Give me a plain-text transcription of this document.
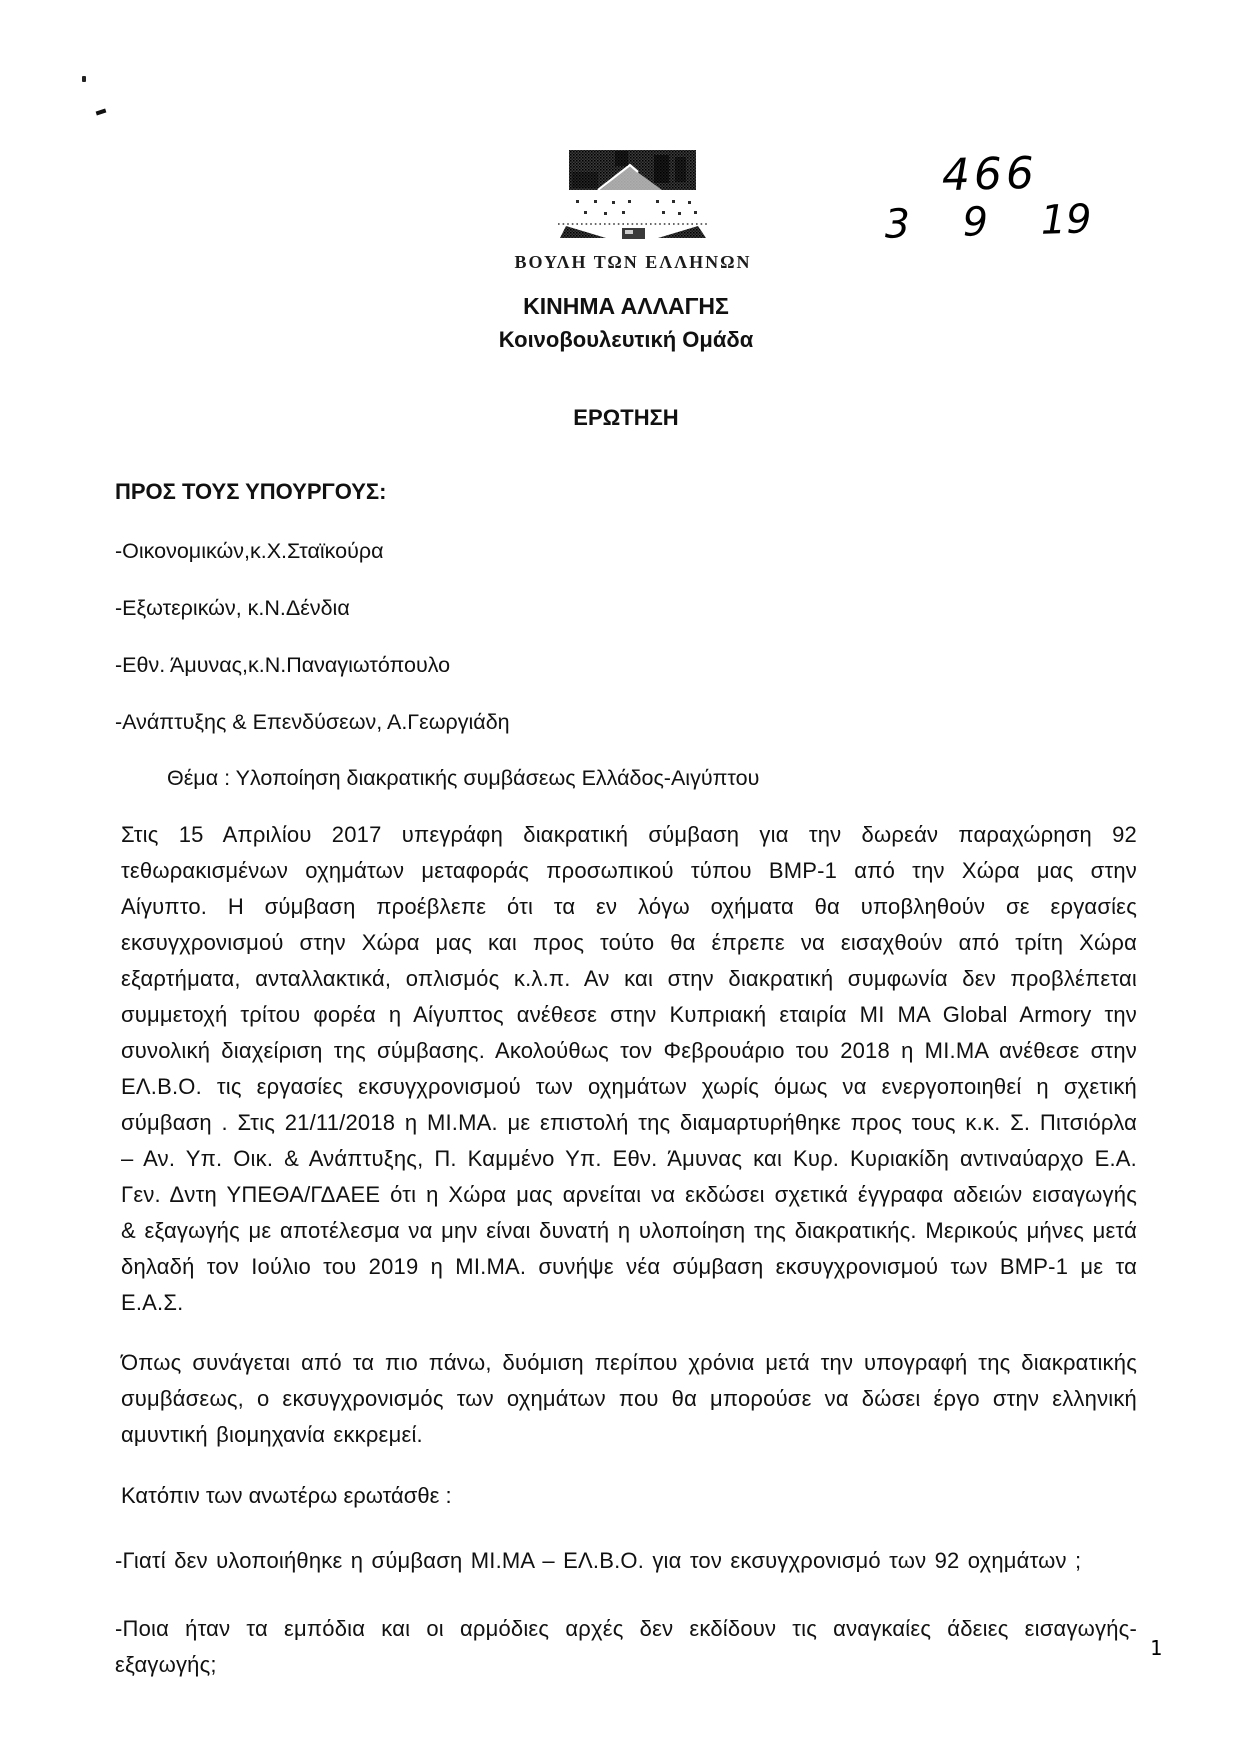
ΒΟΥΛΗ ΤΩΝ ΕΛΛΗΝΩΝ
466
3 9 19
ΚΙΝΗΜΑ ΑΛΛΑΓΗΣ
Κοινοβουλευτική Ομάδα
ΕΡΩΤΗΣΗ
ΠΡΟΣ ΤΟΥΣ ΥΠΟΥΡΓΟΥΣ:
-Οικονομικών,κ.Χ.Σταϊκούρα
-Εξωτερικών, κ.Ν.Δένδια
-Εθν. Άμυνας,κ.Ν.Παναγιωτόπουλο
-Ανάπτυξης & Επενδύσεων, Α.Γεωργιάδη
Θέμα : Υλοποίηση διακρατικής συμβάσεως Ελλάδος-Αιγύπτου
Στις 15 Απριλίου 2017 υπεγράφη διακρατική σύμβαση για την δωρεάν παραχώρηση 92 τεθωρακισμένων οχημάτων μεταφοράς προσωπικού τύπου BMP-1 από την Χώρα μας στην Αίγυπτο. Η σύμβαση προέβλεπε ότι τα εν λόγω οχήματα θα υποβληθούν σε εργασίες εκσυγχρονισμού στην Χώρα μας και προς τούτο θα έπρεπε να εισαχθούν από τρίτη Χώρα εξαρτήματα, ανταλλακτικά, οπλισμός κ.λ.π. Αν και στην διακρατική συμφωνία δεν προβλέπεται συμμετοχή τρίτου φορέα η Αίγυπτος ανέθεσε στην Κυπριακή εταιρία MI MA Global Armory την συνολική διαχείριση της σύμβασης. Ακολούθως τον Φεβρουάριο του 2018 η ΜΙ.ΜΑ ανέθεσε στην ΕΛ.Β.Ο. τις εργασίες εκσυγχρονισμού των οχημάτων χωρίς όμως να ενεργοποιηθεί η σχετική σύμβαση . Στις 21/11/2018 η ΜΙ.ΜΑ. με επιστολή της διαμαρτυρήθηκε προς τους κ.κ. Σ. Πιτσιόρλα – Αν. Υπ. Οικ. & Ανάπτυξης, Π. Καμμένο Υπ. Εθν. Άμυνας και Κυρ. Κυριακίδη αντιναύαρχο Ε.Α. Γεν. Δντη ΥΠΕΘΑ/ΓΔΑΕΕ ότι η Χώρα μας αρνείται να εκδώσει σχετικά έγγραφα αδειών εισαγωγής & εξαγωγής με αποτέλεσμα να μην είναι δυνατή η υλοποίηση της διακρατικής. Μερικούς μήνες μετά δηλαδή τον Ιούλιο του 2019 η ΜΙ.ΜΑ. συνήψε νέα σύμβαση εκσυγχρονισμού των BMP-1 με τα Ε.Α.Σ.
Όπως συνάγεται από τα πιο πάνω, δυόμιση περίπου χρόνια μετά την υπογραφή της διακρατικής συμβάσεως, ο εκσυγχρονισμός των οχημάτων που θα μπορούσε να δώσει έργο στην ελληνική αμυντική βιομηχανία εκκρεμεί.
Κατόπιν των ανωτέρω ερωτάσθε :
-Γιατί δεν υλοποιήθηκε η σύμβαση ΜΙ.ΜΑ – ΕΛ.Β.Ο. για τον εκσυγχρονισμό των 92 οχημάτων ;
-Ποια ήταν τα εμπόδια και οι αρμόδιες αρχές δεν εκδίδουν τις αναγκαίες άδειες εισαγωγής-εξαγωγής;
1
